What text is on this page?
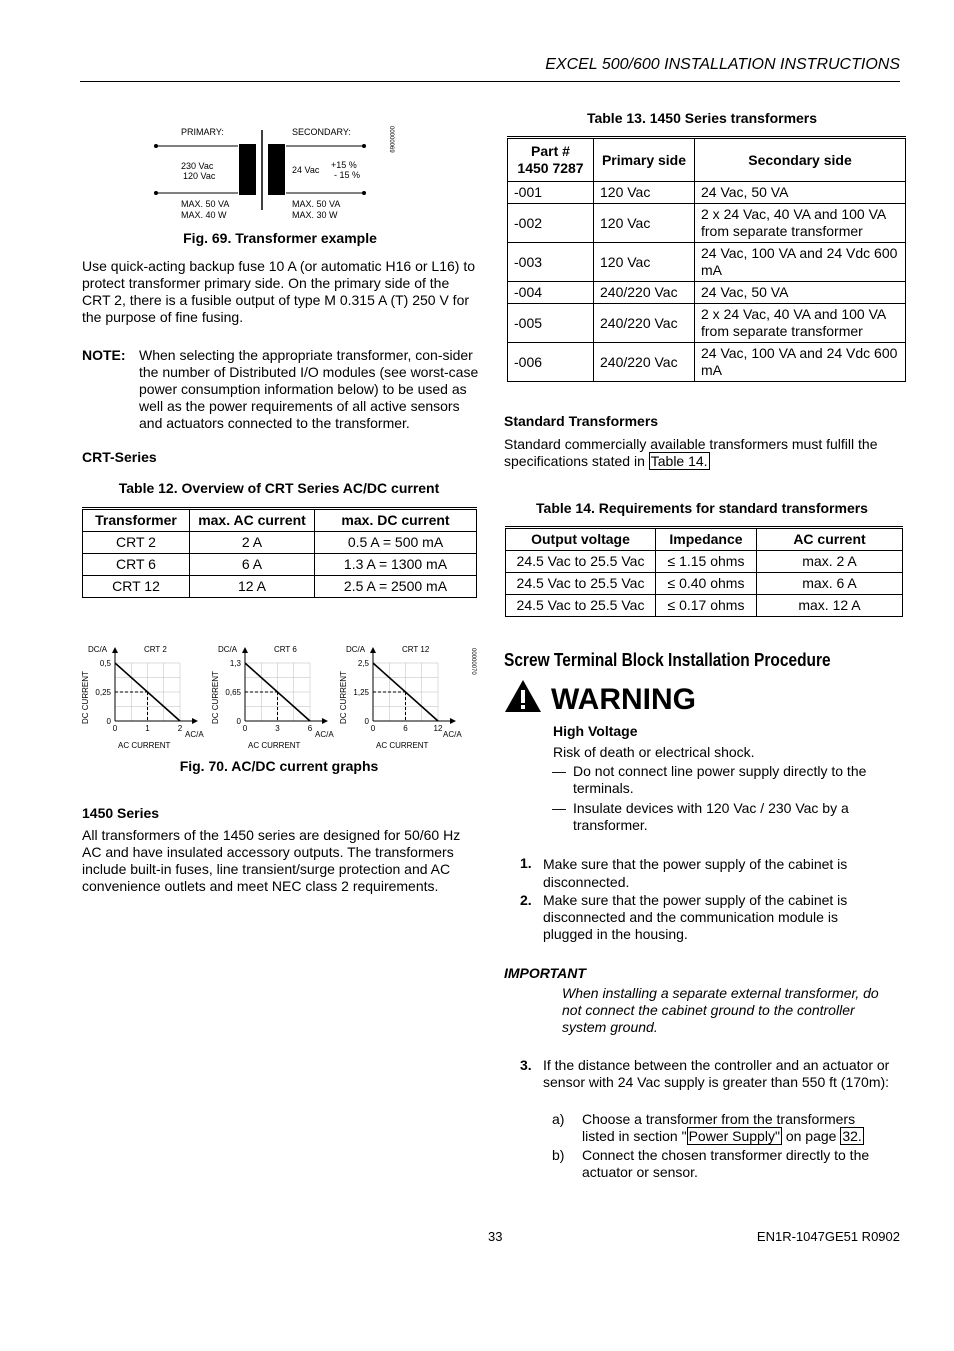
EXCEL 500/600 INSTALLATION INSTRUCTIONS
PRIMARY:	SECONDARY:
230 Vac
120 Vac
24 Vac +15 %
- 15 %
MAX. 50 VA
MAX. 40 W
MAX. 50 VA
MAX. 30 W
00000069
Fig. 69. Transformer example
Use quick-acting backup fuse 10 A (or automatic H16 or L16) to protect transformer primary side. On the primary side of the CRT 2, there is a fusible output of type M 0.315 A (T) 250 V for the purpose of fine fusing.
NOTE: When selecting the appropriate transformer, con-sider the number of Distributed I/O modules (see worst-case power consumption information below) to be used as well as the power requirements of all active sensors and actuators connected to the transformer.
CRT-Series
Table 12. Overview of CRT Series AC/DC current
Transformer	max. AC current	max. DC current
CRT 2	2 A	0.5 A = 500 mA
CRT 6	6 A	1.3 A = 1300 mA
CRT 12	12 A	2.5 A = 2500 mA
00000070
DC/A	CRT 2
AC/A
AC CURRENT
DC CURRENT 0
0,25
0,5
0	1	2
DC/A	CRT 6
AC/A
AC CURRENT
DC CURRENT 0
0,65
1,3
0	3	6
DC/A	CRT 12
AC/A
AC CURRENT
DC CURRENT 0
1,25
2,5
0	6	12
Fig. 70. AC/DC current graphs
1450 Series
All transformers of the 1450 series are designed for 50/60 Hz AC and have insulated accessory outputs. The transformers include built-in fuses, line transient/surge protection and AC convenience outlets and meet NEC class 2 requirements.
Table 13. 1450 Series transformers
Part #
1450 7287	Primary side	Secondary side
-001	120 Vac	24 Vac, 50 VA
-002	120 Vac	2 x 24 Vac, 40 VA and 100 VA from separate transformer
-003	120 Vac	24 Vac, 100 VA and 24 Vdc 600 mA
-004	240/220 Vac	24 Vac, 50 VA
-005	240/220 Vac	2 x 24 Vac, 40 VA and 100 VA from separate transformer
-006	240/220 Vac	24 Vac, 100 VA and 24 Vdc 600 mA
Standard Transformers
Standard commercially available transformers must fulfill the specifications stated in Table 14.
Table 14. Requirements for standard transformers
Output voltage	Impedance	AC current
24.5 Vac to 25.5 Vac	≤ 1.15 ohms	max. 2 A
24.5 Vac to 25.5 Vac	≤ 0.40 ohms	max. 6 A
24.5 Vac to 25.5 Vac	≤ 0.17 ohms	max. 12 A
Screw Terminal Block Installation Procedure
WARNING
High Voltage
Risk of death or electrical shock.
— Do not connect line power supply directly to the terminals.
— Insulate devices with 120 Vac / 230 Vac by a transformer.
1. Make sure that the power supply of the cabinet is disconnected.
2. Make sure that the power supply of the cabinet is disconnected and the communication module is plugged in the housing.
IMPORTANT
When installing a separate external transformer, do not connect the cabinet ground to the controller system ground.
3. If the distance between the controller and an actuator or sensor with 24 Vac supply is greater than 550 ft (170m):
a) Choose a transformer from the transformers listed in section " Power Supply" on page 32.
b) Connect the chosen transformer directly to the actuator or sensor.
33	EN1R-1047GE51 R0902
